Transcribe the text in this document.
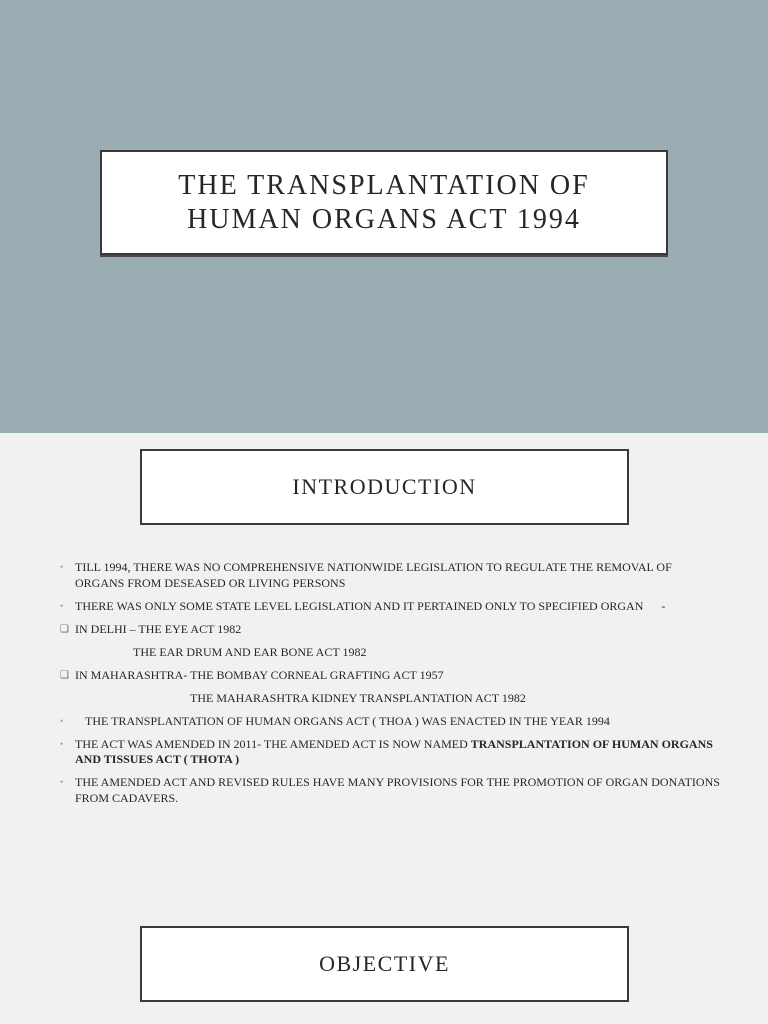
THE TRANSPLANTATION OF
HUMAN ORGANS ACT 1994
INTRODUCTION
• TILL 1994, THERE WAS NO COMPREHENSIVE NATIONWIDE LEGISLATION TO REGULATE THE REMOVAL OF ORGANS FROM DESEASED OR LIVING PERSONS
• THERE WAS ONLY SOME STATE LEVEL LEGISLATION AND IT PERTAINED ONLY TO SPECIFIED ORGAN -
❑ IN DELHI – THE EYE ACT 1982
THE EAR DRUM AND EAR BONE ACT 1982
❑ IN MAHARASHTRA- THE BOMBAY CORNEAL GRAFTING ACT 1957
THE MAHARASHTRA KIDNEY TRANSPLANTATION ACT 1982
•	THE TRANSPLANTATION OF HUMAN ORGANS ACT ( THOA ) WAS ENACTED IN THE YEAR 1994
• THE ACT WAS AMENDED IN 2011- THE AMENDED ACT IS NOW NAMED TRANSPLANTATION OF HUMAN ORGANS AND TISSUES ACT ( THOTA )
• THE AMENDED ACT AND REVISED RULES HAVE MANY PROVISIONS FOR THE PROMOTION OF ORGAN DONATIONS FROM CADAVERS.
OBJECTIVE
